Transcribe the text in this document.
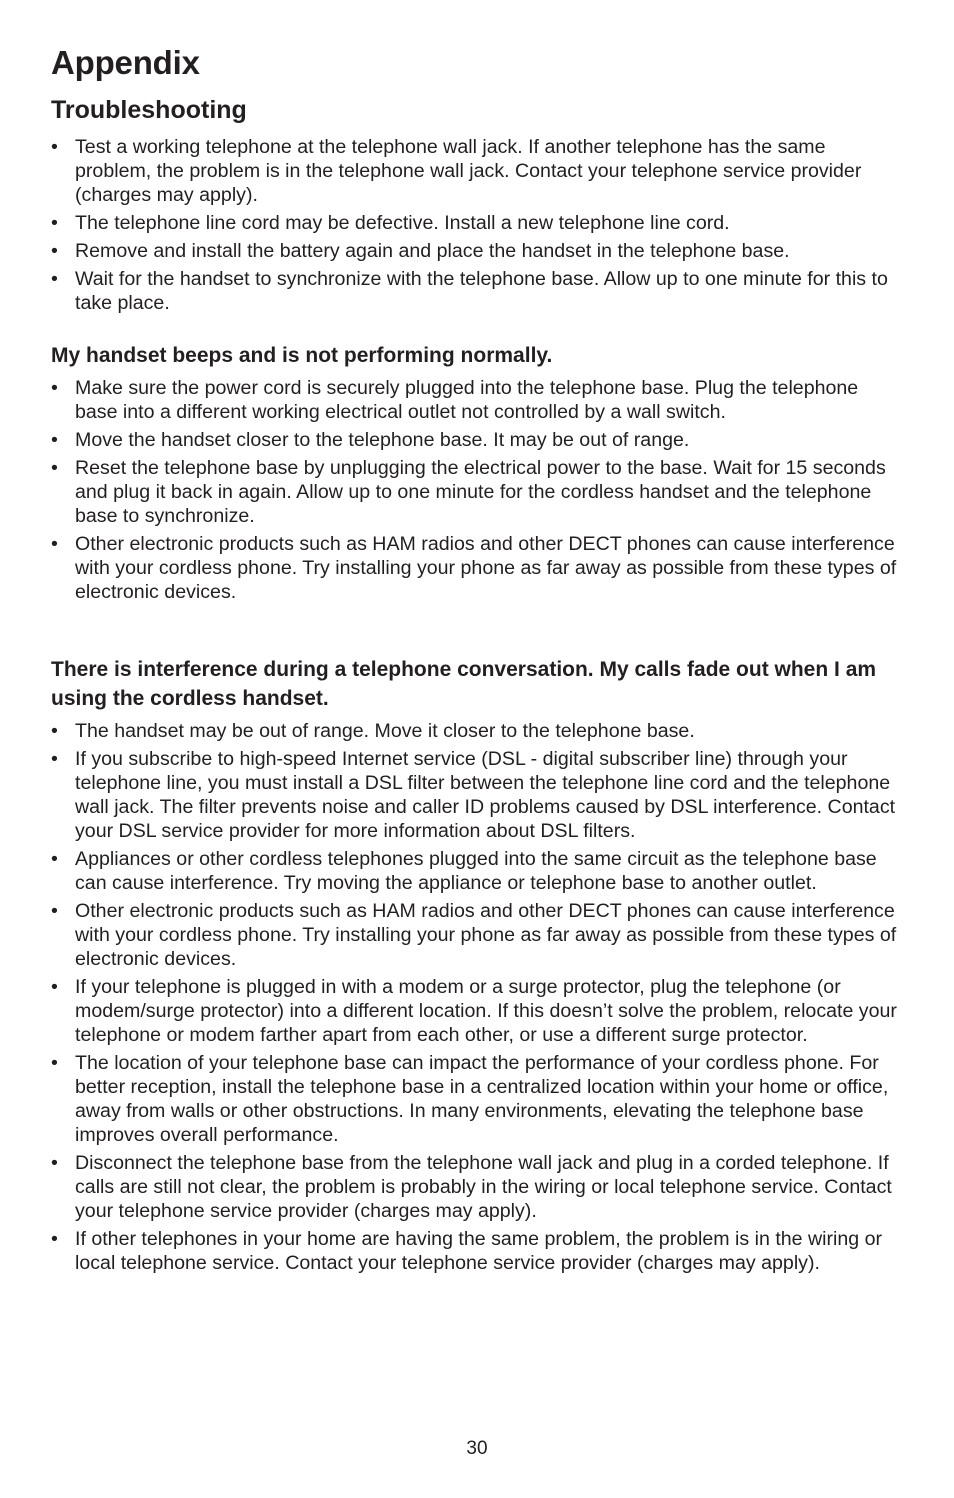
Appendix
Troubleshooting
• Test a working telephone at the telephone wall jack. If another telephone has the same problem, the problem is in the telephone wall jack. Contact your telephone service provider (charges may apply).
• The telephone line cord may be defective. Install a new telephone line cord.
• Remove and install the battery again and place the handset in the telephone base.
• Wait for the handset to synchronize with the telephone base. Allow up to one minute for this to take place.
My handset beeps and is not performing normally.
• Make sure the power cord is securely plugged into the telephone base. Plug the telephone base into a different working electrical outlet not controlled by a wall switch.
• Move the handset closer to the telephone base. It may be out of range.
• Reset the telephone base by unplugging the electrical power to the base. Wait for 15 seconds and plug it back in again. Allow up to one minute for the cordless handset and the telephone base to synchronize.
• Other electronic products such as HAM radios and other DECT phones can cause interference with your cordless phone. Try installing your phone as far away as possible from these types of electronic devices.
There is interference during a telephone conversation. My calls fade out when I am using the cordless handset.
• The handset may be out of range. Move it closer to the telephone base.
• If you subscribe to high-speed Internet service (DSL - digital subscriber line) through your telephone line, you must install a DSL filter between the telephone line cord and the telephone wall jack. The filter prevents noise and caller ID problems caused by DSL interference. Contact your DSL service provider for more information about DSL filters.
• Appliances or other cordless telephones plugged into the same circuit as the telephone base can cause interference. Try moving the appliance or telephone base to another outlet.
• Other electronic products such as HAM radios and other DECT phones can cause interference with your cordless phone. Try installing your phone as far away as possible from these types of electronic devices.
• If your telephone is plugged in with a modem or a surge protector, plug the telephone (or modem/surge protector) into a different location. If this doesn’t solve the problem, relocate your telephone or modem farther apart from each other, or use a different surge protector.
• The location of your telephone base can impact the performance of your cordless phone. For better reception, install the telephone base in a centralized location within your home or office, away from walls or other obstructions. In many environments, elevating the telephone base improves overall performance.
• Disconnect the telephone base from the telephone wall jack and plug in a corded telephone. If calls are still not clear, the problem is probably in the wiring or local telephone service. Contact your telephone service provider (charges may apply).
• If other telephones in your home are having the same problem, the problem is in the wiring or local telephone service. Contact your telephone service provider (charges may apply).
30
